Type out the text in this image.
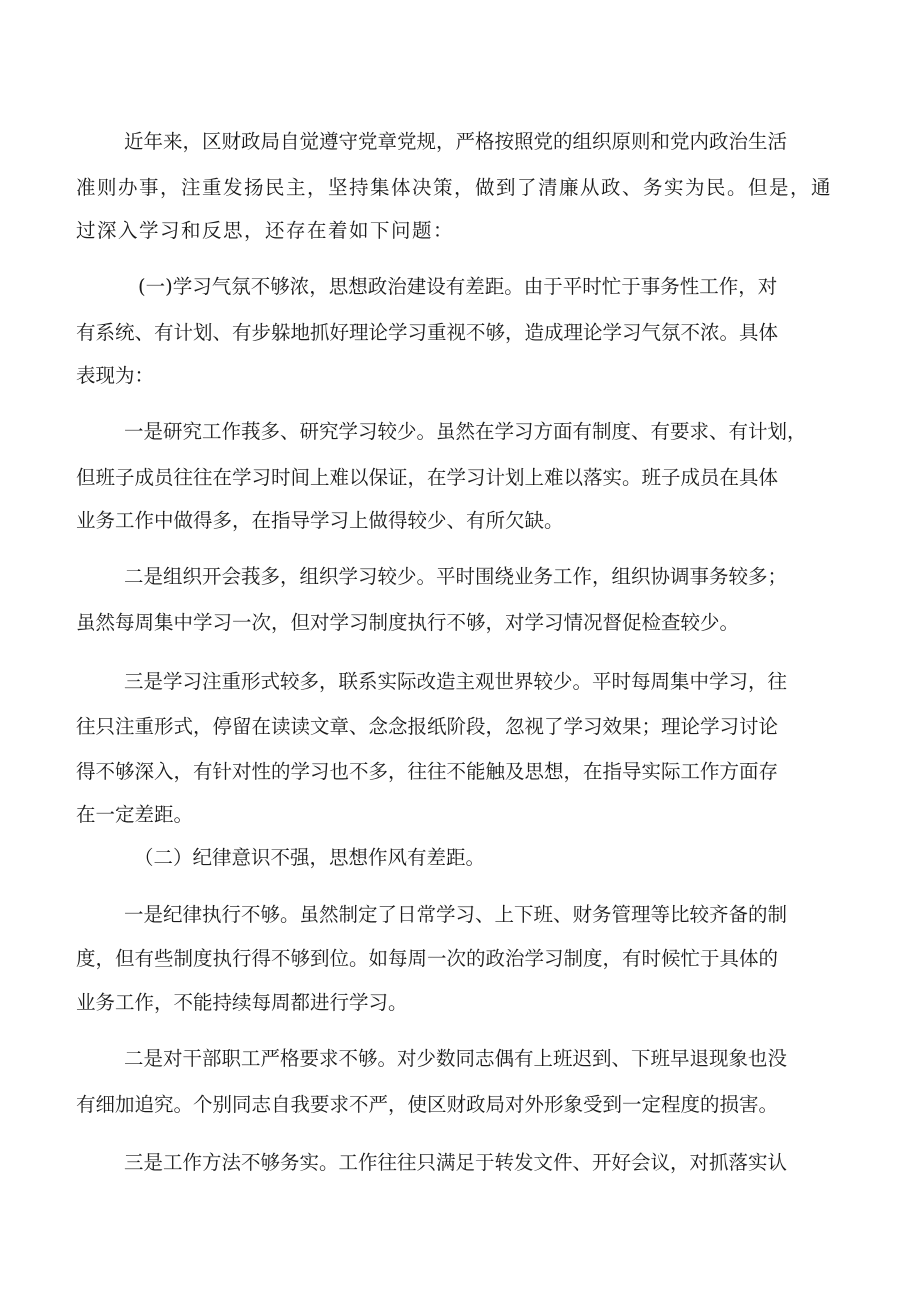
近年来，区财政局自觉遵守党章党规，严格按照党的组织原则和党内政治生活
准则办事，注重发扬民主，坚持集体决策，做到了清廉从政、务实为民。但是，通
过深入学习和反思，还存在着如下问题：
(一)学习气氛不够浓，思想政治建设有差距。由于平时忙于事务性工作，对
有系统、有计划、有步躲地抓好理论学习重视不够，造成理论学习气氛不浓。具体
表现为：
一是研究工作莪多、研究学习较少。虽然在学习方面有制度、有要求、有计划，
但班子成员往往在学习时间上难以保证，在学习计划上难以落实。班子成员在具体
业务工作中做得多，在指导学习上做得较少、有所欠缺。
二是组织开会莪多，组织学习较少。平时围绕业务工作，组织协调事务较多；
虽然每周集中学习一次，但对学习制度执行不够，对学习情况督促检查较少。
三是学习注重形式较多，联系实际改造主观世界较少。平时每周集中学习，往
往只注重形式，停留在读读文章、念念报纸阶段，忽视了学习效果；理论学习讨论
得不够深入，有针对性的学习也不多，往往不能触及思想，在指导实际工作方面存
在一定差距。
（二）纪律意识不强，思想作风有差距。
一是纪律执行不够。虽然制定了日常学习、上下班、财务管理等比较齐备的制
度，但有些制度执行得不够到位。如每周一次的政治学习制度，有时候忙于具体的
业务工作，不能持续每周都进行学习。
二是对干部职工严格要求不够。对少数同志偶有上班迟到、下班早退现象也没
有细加追究。个别同志自我要求不严，使区财政局对外形象受到一定程度的损害。
三是工作方法不够务实。工作往往只满足于转发文件、开好会议，对抓落实认
